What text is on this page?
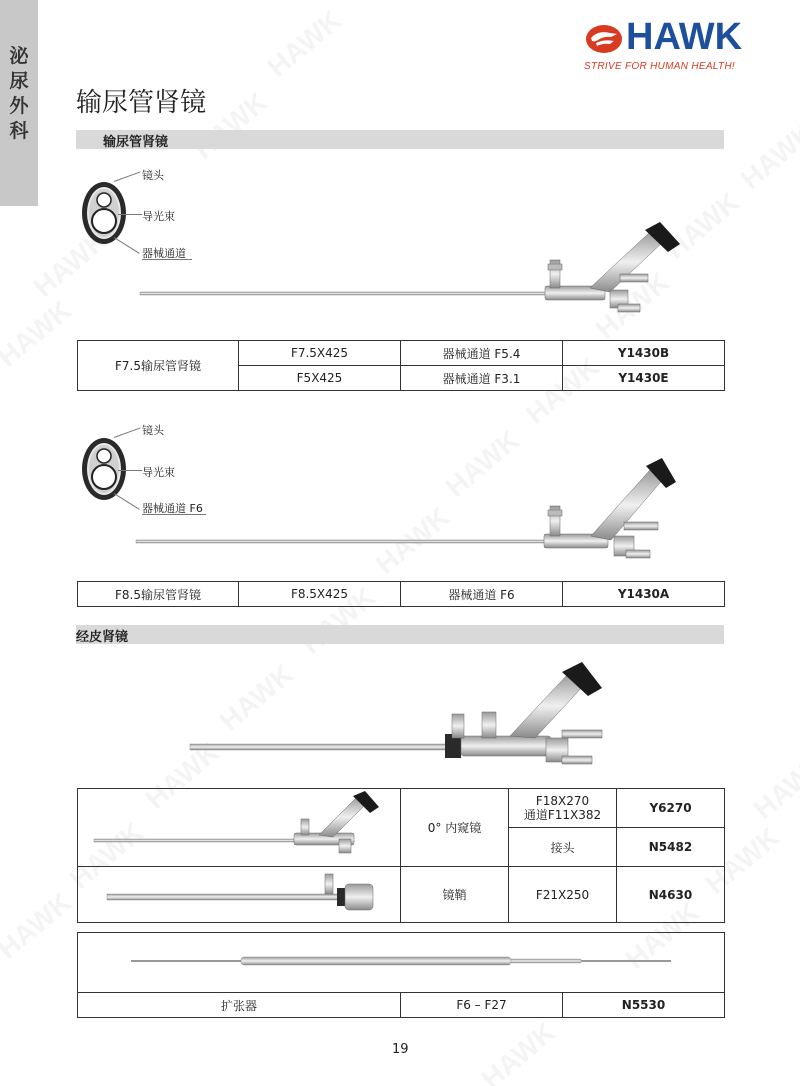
泌尿外科
HAWK
STRIVE FOR HUMAN HEALTH!
输尿管肾镜
输尿管肾镜
镜头
导光束
器械通道
F7.5输尿管肾镜	F7.5X425	器械通道 F5.4	Y1430B
	F5X425	器械通道 F3.1	Y1430E
镜头
导光束
器械通道 F6
F8.5输尿管肾镜	F8.5X425	器械通道 F6	Y1430A
经皮肾镜
	0° 内窥镜	F18X270
通道F11X382	Y6270
		接头	N5482
	镜鞘	F21X250	N4630

扩张器	F6 – F27	N5530
19
